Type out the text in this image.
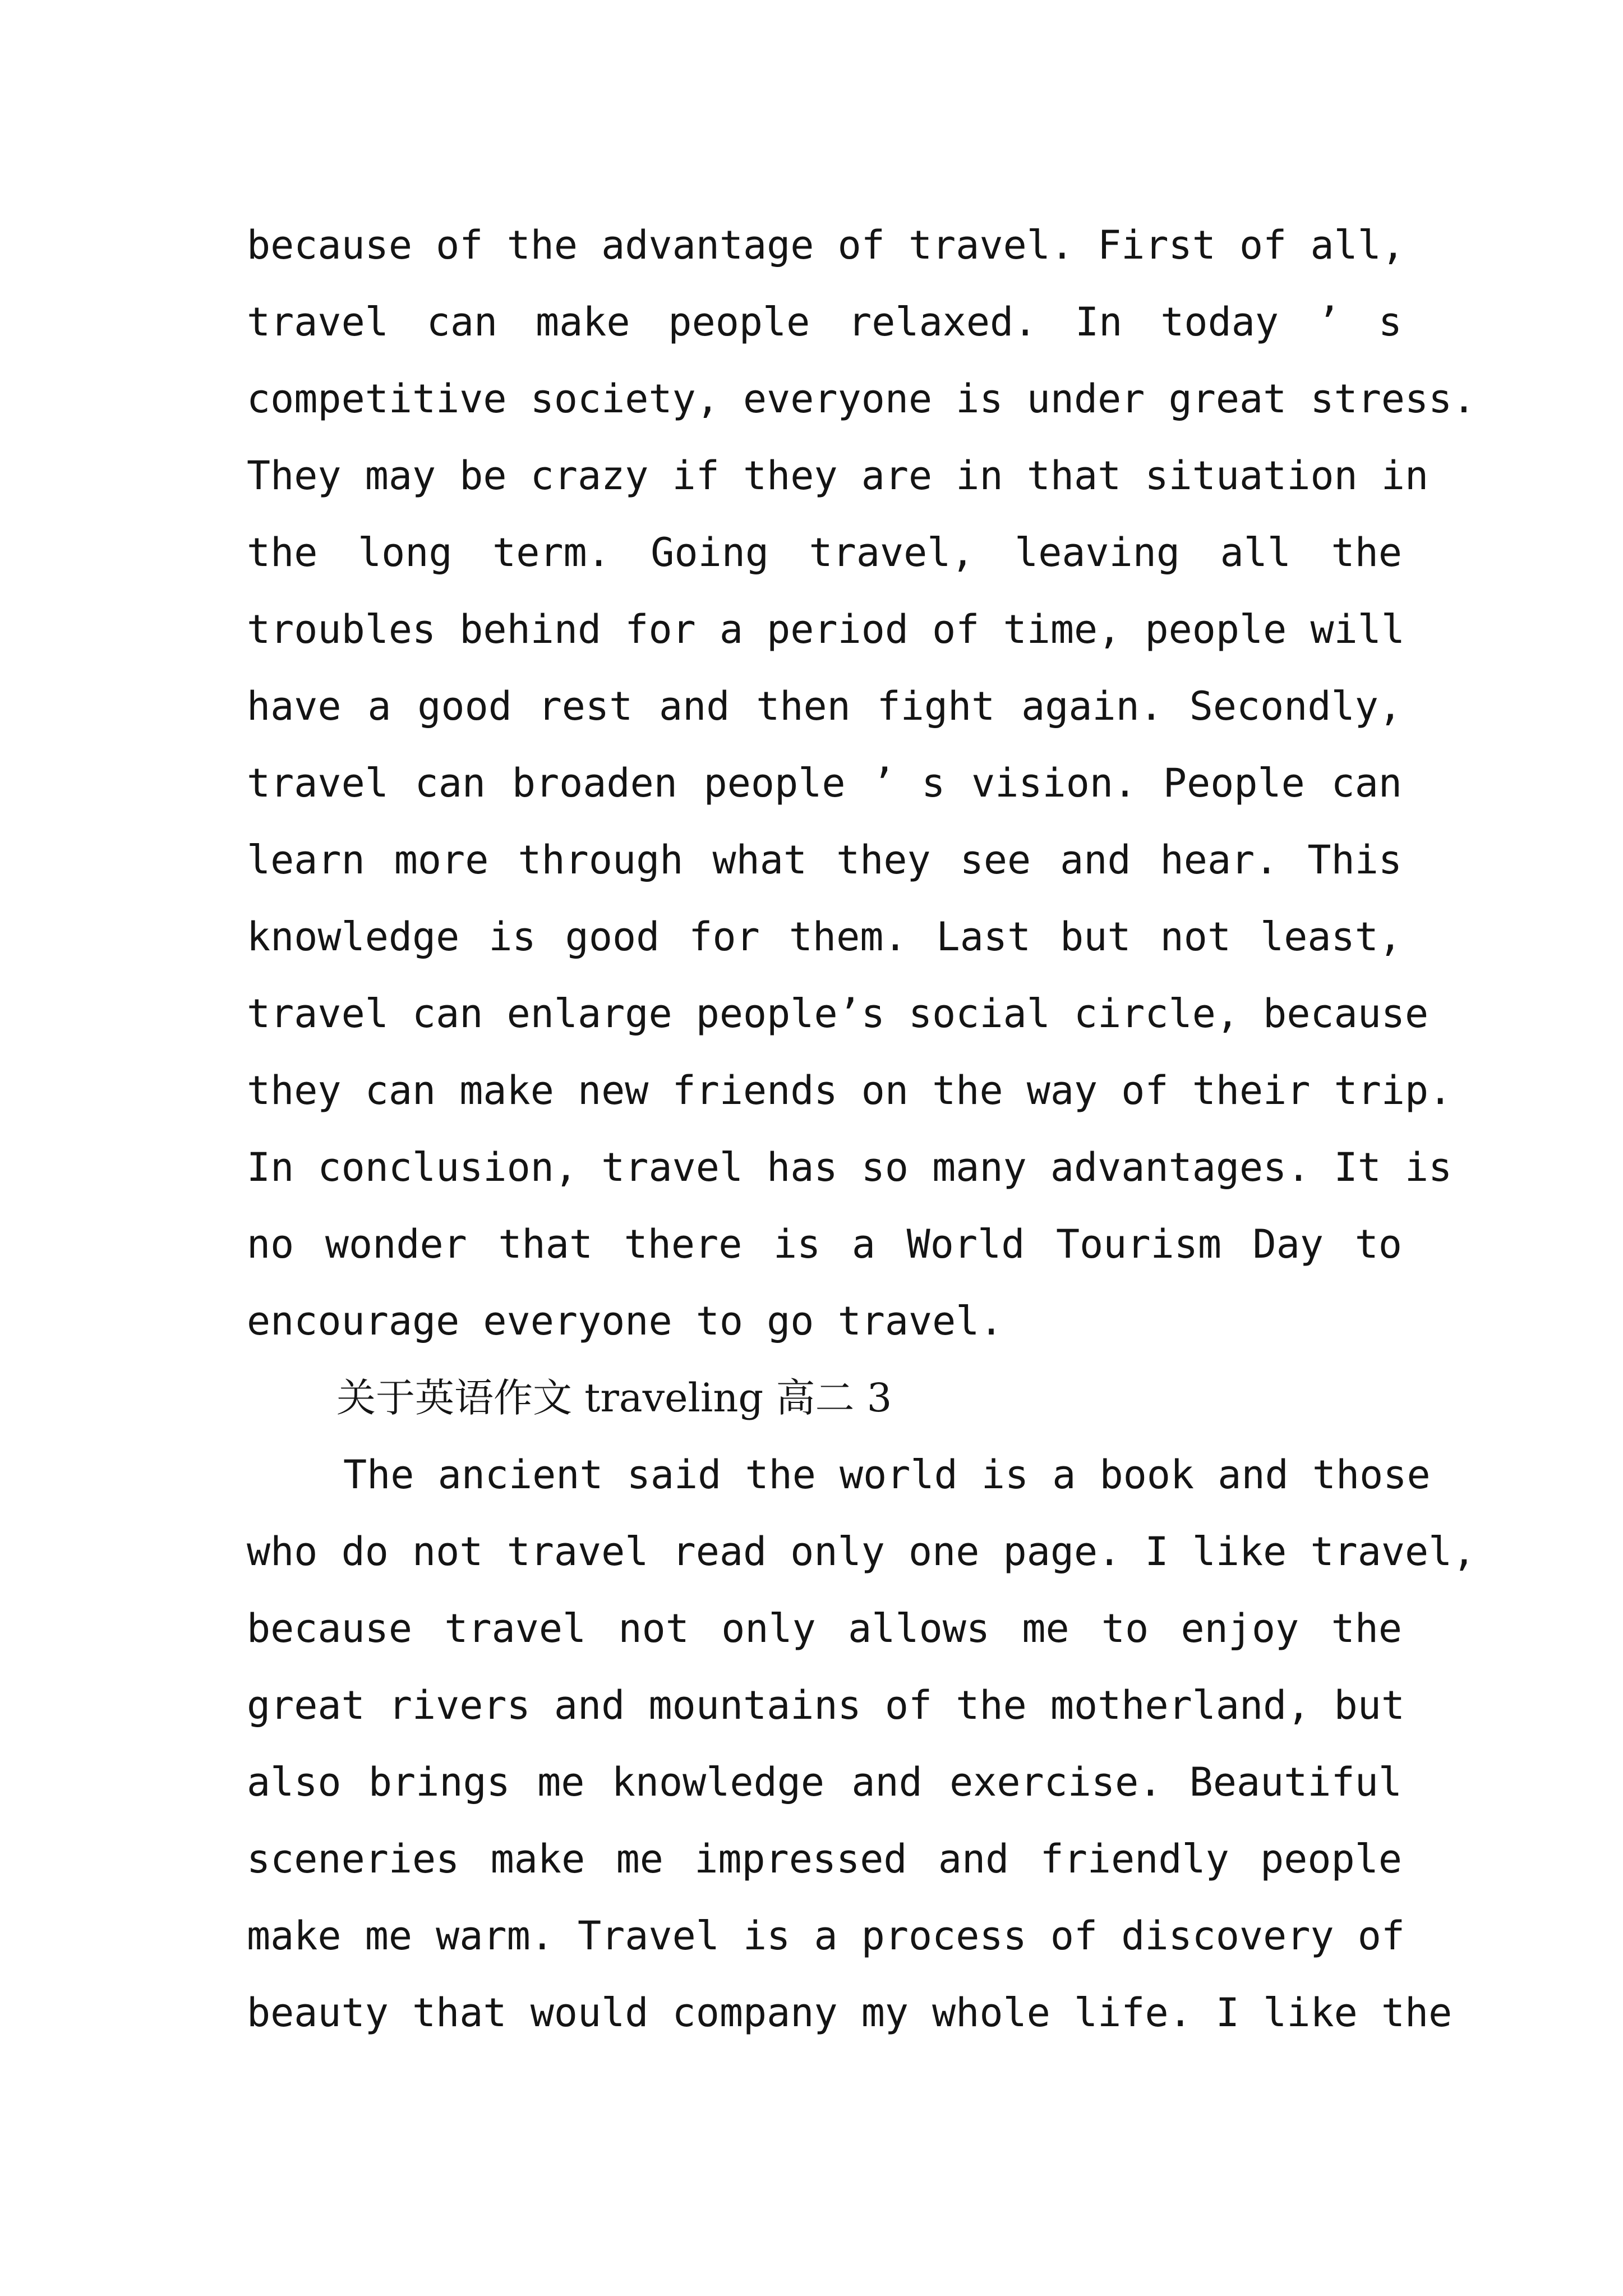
because of the advantage of travel. First of all,
travel can make people relaxed. In today ’ s
competitive society, everyone is under great stress.
They may be crazy if they are in that situation in
the long term. Going travel, leaving all the
troubles behind for a period of time, people will
have a good rest and then fight again. Secondly,
travel can broaden people ’ s vision. People can
learn more through what they see and hear. This
knowledge is good for them. Last but not least,
travel can enlarge people’s social circle, because
they can make new friends on the way of their trip.
In conclusion, travel has so many advantages. It is
no wonder that there is a World Tourism Day to
encourage everyone to go travel.
关于英语作文 traveling 高二 3
The ancient said the world is a book and those
who do not travel read only one page. I like travel,
because travel not only allows me to enjoy the
great rivers and mountains of the motherland, but
also brings me knowledge and exercise. Beautiful
sceneries make me impressed and friendly people
make me warm. Travel is a process of discovery of
beauty that would company my whole life. I like the
